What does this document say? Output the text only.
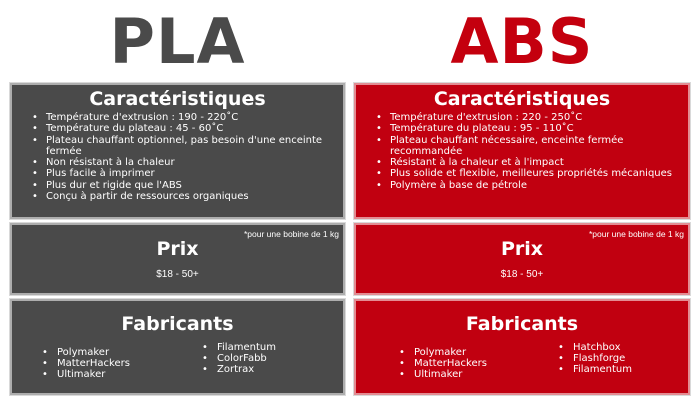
PLA	ABS
Caractéristiques
• Température d'extrusion : 190 - 220˚C
• Température du plateau : 45 - 60˚C
• Plateau chauffant optionnel, pas besoin d'une enceinte fermée
• Non résistant à la chaleur
• Plus facile à imprimer
• Plus dur et rigide que l'ABS
• Conçu à partir de ressources organiques
*pour une bobine de 1 kg
Prix
$18 - 50+
Fabricants
• Polymaker
• MatterHackers
• Ultimaker
• Filamentum
• ColorFabb
• Zortrax
Caractéristiques
• Température d'extrusion : 220 - 250˚C
• Température du plateau : 95 - 110˚C
• Plateau chauffant nécessaire, enceinte fermée recommandée
• Résistant à la chaleur et à l'impact
• Plus solide et flexible, meilleures propriétés mécaniques
• Polymère à base de pétrole
*pour une bobine de 1 kg
Prix
$18 - 50+
Fabricants
• Polymaker
• MatterHackers
• Ultimaker
• Hatchbox
• Flashforge
• Filamentum
